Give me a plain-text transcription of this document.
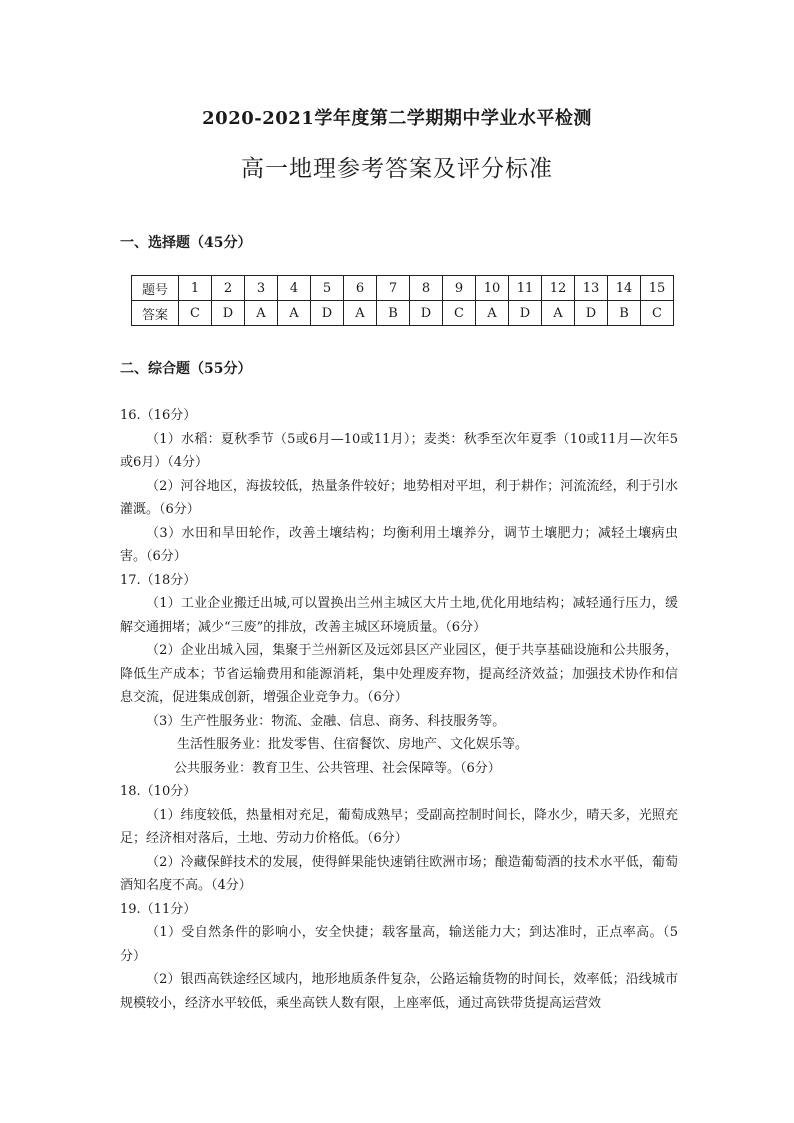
2020-2021学年度第二学期期中学业水平检测
高一地理参考答案及评分标准
一、选择题（45分）
题号	1	2	3	4	5	6	7	8	9	10	11	12	13	14	15
答案	C	D	A	A	D	A	B	D	C	A	D	A	D	B	C
二、综合题（55分）

16.（16分）

（1）水稻：夏秋季节（5或6月—10或11月）；麦类：秋季至次年夏季（10或11月—次年5或6月）（4分）

（2）河谷地区，海拔较低，热量条件较好；地势相对平坦，利于耕作；河流流经，利于引水灌溉。（6分）

（3）水田和旱田轮作，改善土壤结构；均衡利用土壤养分，调节土壤肥力；减轻土壤病虫害。（6分）

17.（18分）

（1）工业企业搬迁出城,可以置换出兰州主城区大片土地,优化用地结构；减轻通行压力，缓解交通拥堵；减少“三废”的排放，改善主城区环境质量。（6分）

（2）企业出城入园，集聚于兰州新区及远郊县区产业园区，便于共享基础设施和公共服务，降低生产成本；节省运输费用和能源消耗，集中处理废弃物，提高经济效益；加强技术协作和信息交流，促进集成创新，增强企业竞争力。（6分）

（3）生产性服务业：物流、金融、信息、商务、科技服务等。

生活性服务业：批发零售、住宿餐饮、房地产、文化娱乐等。

公共服务业：教育卫生、公共管理、社会保障等。（6分）

18.（10分）

（1）纬度较低，热量相对充足，葡萄成熟早；受副高控制时间长，降水少，晴天多，光照充足；经济相对落后，土地、劳动力价格低。（6分）

（2）冷藏保鲜技术的发展，使得鲜果能快速销往欧洲市场；酿造葡萄酒的技术水平低，葡萄酒知名度不高。（4分）

19.（11分）

（1）受自然条件的影响小，安全快捷；载客量高，输送能力大；到达准时，正点率高。（5分）

（2）银西高铁途经区域内，地形地质条件复杂，公路运输货物的时间长，效率低；沿线城市规模较小，经济水平较低，乘坐高铁人数有限，上座率低，通过高铁带货提高运营效
